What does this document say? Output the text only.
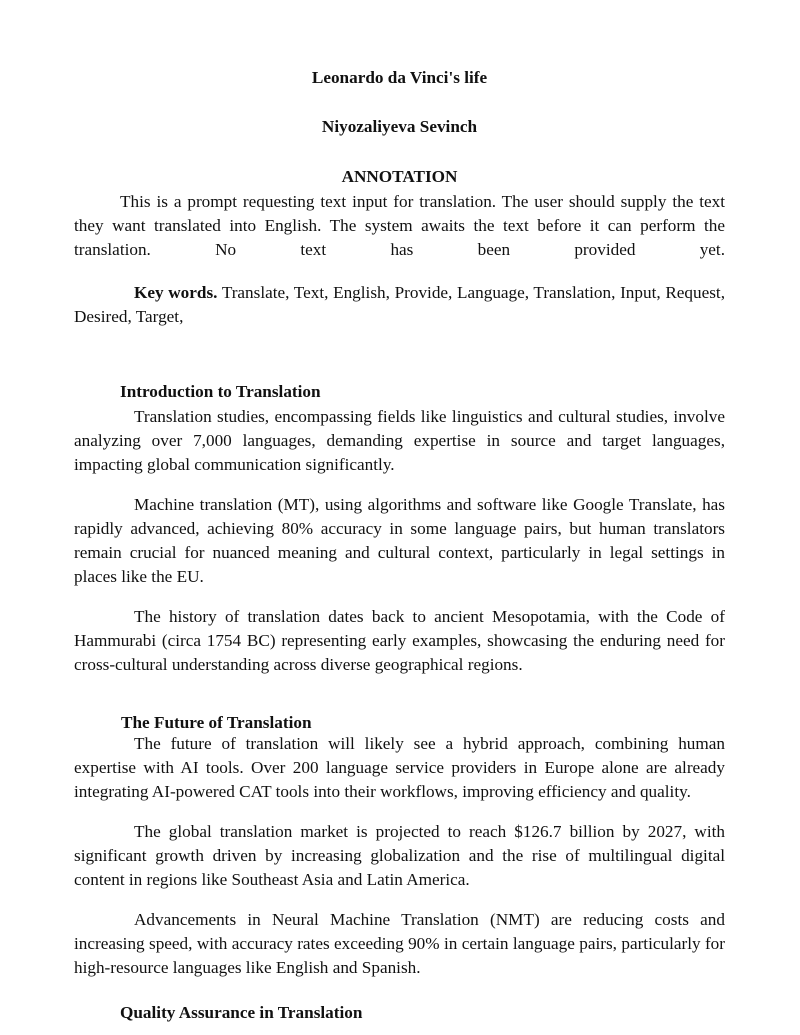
Leonardo da Vinci's life

Niyozaliyeva Sevinch

ANNOTATION

This is a prompt requesting text input for translation. The user should supply the text they want translated into English. The system awaits the text before it can perform the translation. No text has been provided yet.

Key words. Translate, Text, English, Provide, Language, Translation, Input, Request, Desired, Target,

Introduction to Translation

Translation studies, encompassing fields like linguistics and cultural studies, involve analyzing over 7,000 languages, demanding expertise in source and target languages, impacting global communication significantly.

Machine translation (MT), using algorithms and software like Google Translate, has rapidly advanced, achieving 80% accuracy in some language pairs, but human translators remain crucial for nuanced meaning and cultural context, particularly in legal settings in places like the EU.

The history of translation dates back to ancient Mesopotamia, with the Code of Hammurabi (circa 1754 BC) representing early examples, showcasing the enduring need for cross-cultural understanding across diverse geographical regions.

The Future of Translation

The future of translation will likely see a hybrid approach, combining human expertise with AI tools. Over 200 language service providers in Europe alone are already integrating AI-powered CAT tools into their workflows, improving efficiency and quality.

The global translation market is projected to reach $126.7 billion by 2027, with significant growth driven by increasing globalization and the rise of multilingual digital content in regions like Southeast Asia and Latin America.

Advancements in Neural Machine Translation (NMT) are reducing costs and increasing speed, with accuracy rates exceeding 90% in certain language pairs, particularly for high-resource languages like English and Spanish.

Quality Assurance in Translation
